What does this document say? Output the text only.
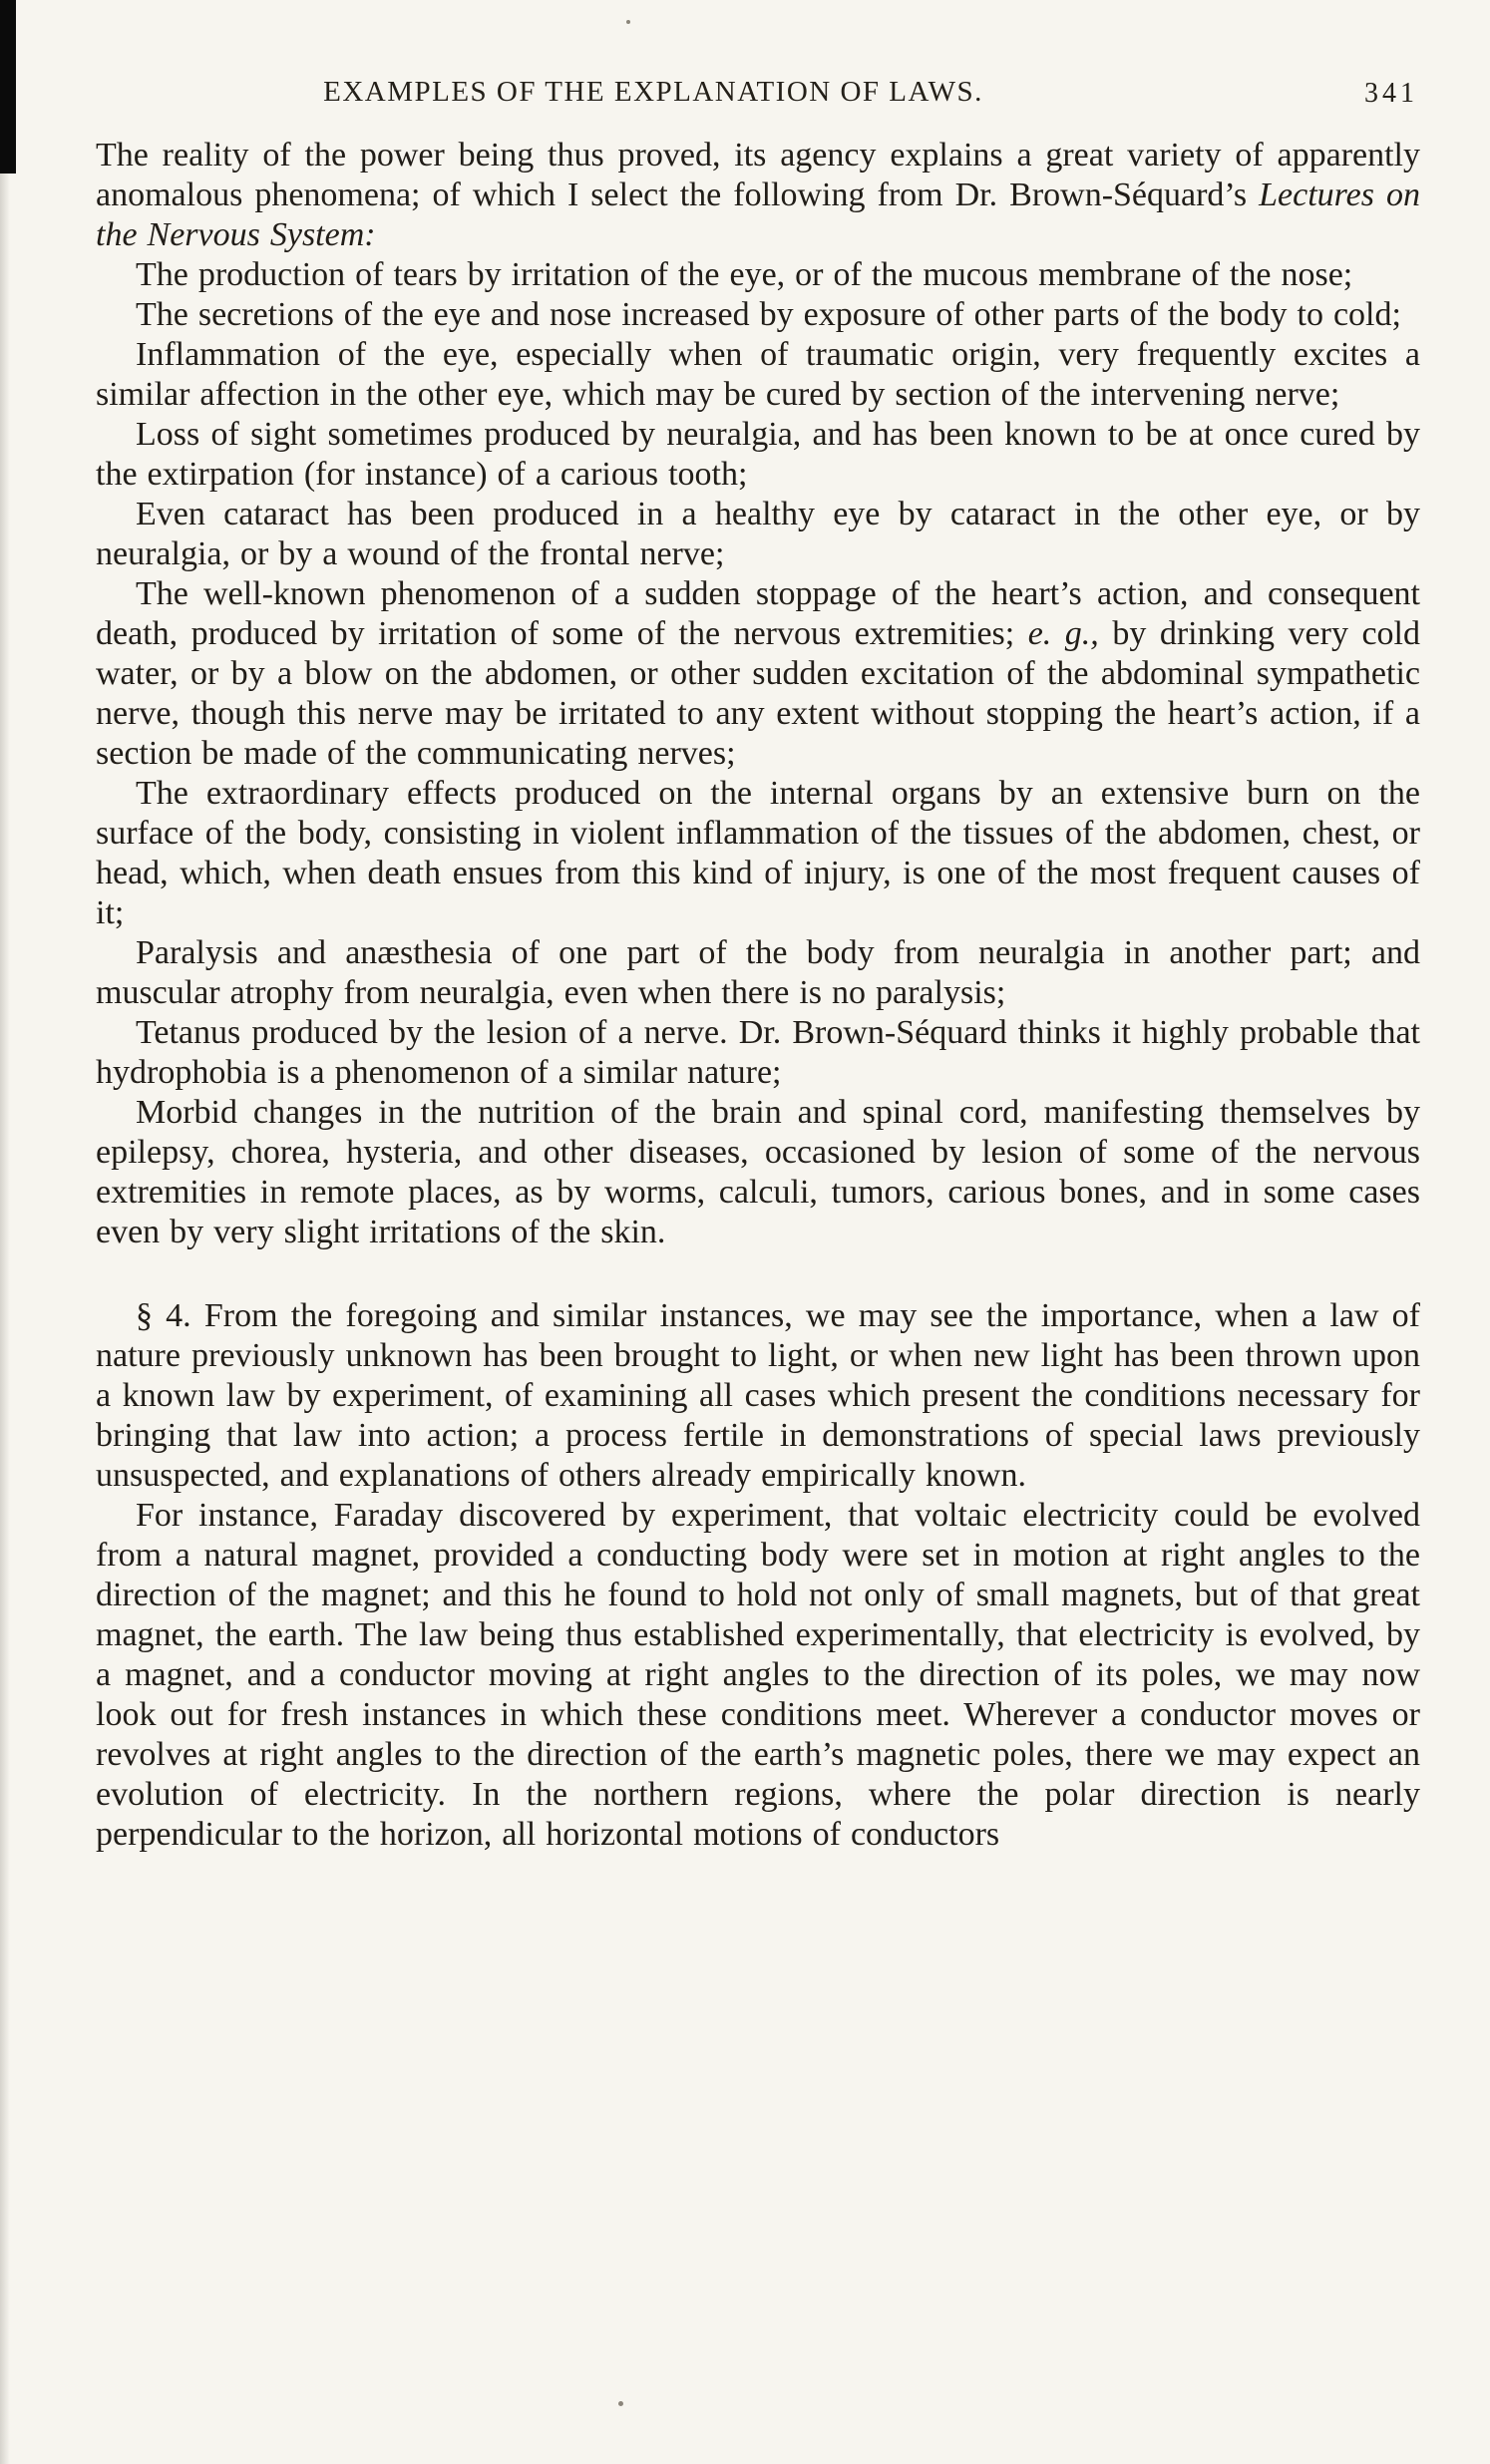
EXAMPLES OF THE EXPLANATION OF LAWS.	341

The reality of the power being thus proved, its agency explains a great variety of apparently anomalous phenomena; of which I select the following from Dr. Brown-Séquard’s Lectures on the Nervous System:

The production of tears by irritation of the eye, or of the mucous membrane of the nose;

The secretions of the eye and nose increased by exposure of other parts of the body to cold;

Inflammation of the eye, especially when of traumatic origin, very frequently excites a similar affection in the other eye, which may be cured by section of the intervening nerve;

Loss of sight sometimes produced by neuralgia, and has been known to be at once cured by the extirpation (for instance) of a carious tooth;

Even cataract has been produced in a healthy eye by cataract in the other eye, or by neuralgia, or by a wound of the frontal nerve;

The well-known phenomenon of a sudden stoppage of the heart’s action, and consequent death, produced by irritation of some of the nervous extremities; e. g., by drinking very cold water, or by a blow on the abdomen, or other sudden excitation of the abdominal sympathetic nerve, though this nerve may be irritated to any extent without stopping the heart’s action, if a section be made of the communicating nerves;

The extraordinary effects produced on the internal organs by an extensive burn on the surface of the body, consisting in violent inflammation of the tissues of the abdomen, chest, or head, which, when death ensues from this kind of injury, is one of the most frequent causes of it;

Paralysis and anæsthesia of one part of the body from neuralgia in another part; and muscular atrophy from neuralgia, even when there is no paralysis;

Tetanus produced by the lesion of a nerve. Dr. Brown-Séquard thinks it highly probable that hydrophobia is a phenomenon of a similar nature;

Morbid changes in the nutrition of the brain and spinal cord, manifesting themselves by epilepsy, chorea, hysteria, and other diseases, occasioned by lesion of some of the nervous extremities in remote places, as by worms, calculi, tumors, carious bones, and in some cases even by very slight irritations of the skin.

§ 4. From the foregoing and similar instances, we may see the importance, when a law of nature previously unknown has been brought to light, or when new light has been thrown upon a known law by experiment, of examining all cases which present the conditions necessary for bringing that law into action; a process fertile in demonstrations of special laws previously unsuspected, and explanations of others already empirically known.

For instance, Faraday discovered by experiment, that voltaic electricity could be evolved from a natural magnet, provided a conducting body were set in motion at right angles to the direction of the magnet; and this he found to hold not only of small magnets, but of that great magnet, the earth. The law being thus established experimentally, that electricity is evolved, by a magnet, and a conductor moving at right angles to the direction of its poles, we may now look out for fresh instances in which these conditions meet. Wherever a conductor moves or revolves at right angles to the direction of the earth’s magnetic poles, there we may expect an evolution of electricity. In the northern regions, where the polar direction is nearly perpendicular to the horizon, all horizontal motions of conductors
